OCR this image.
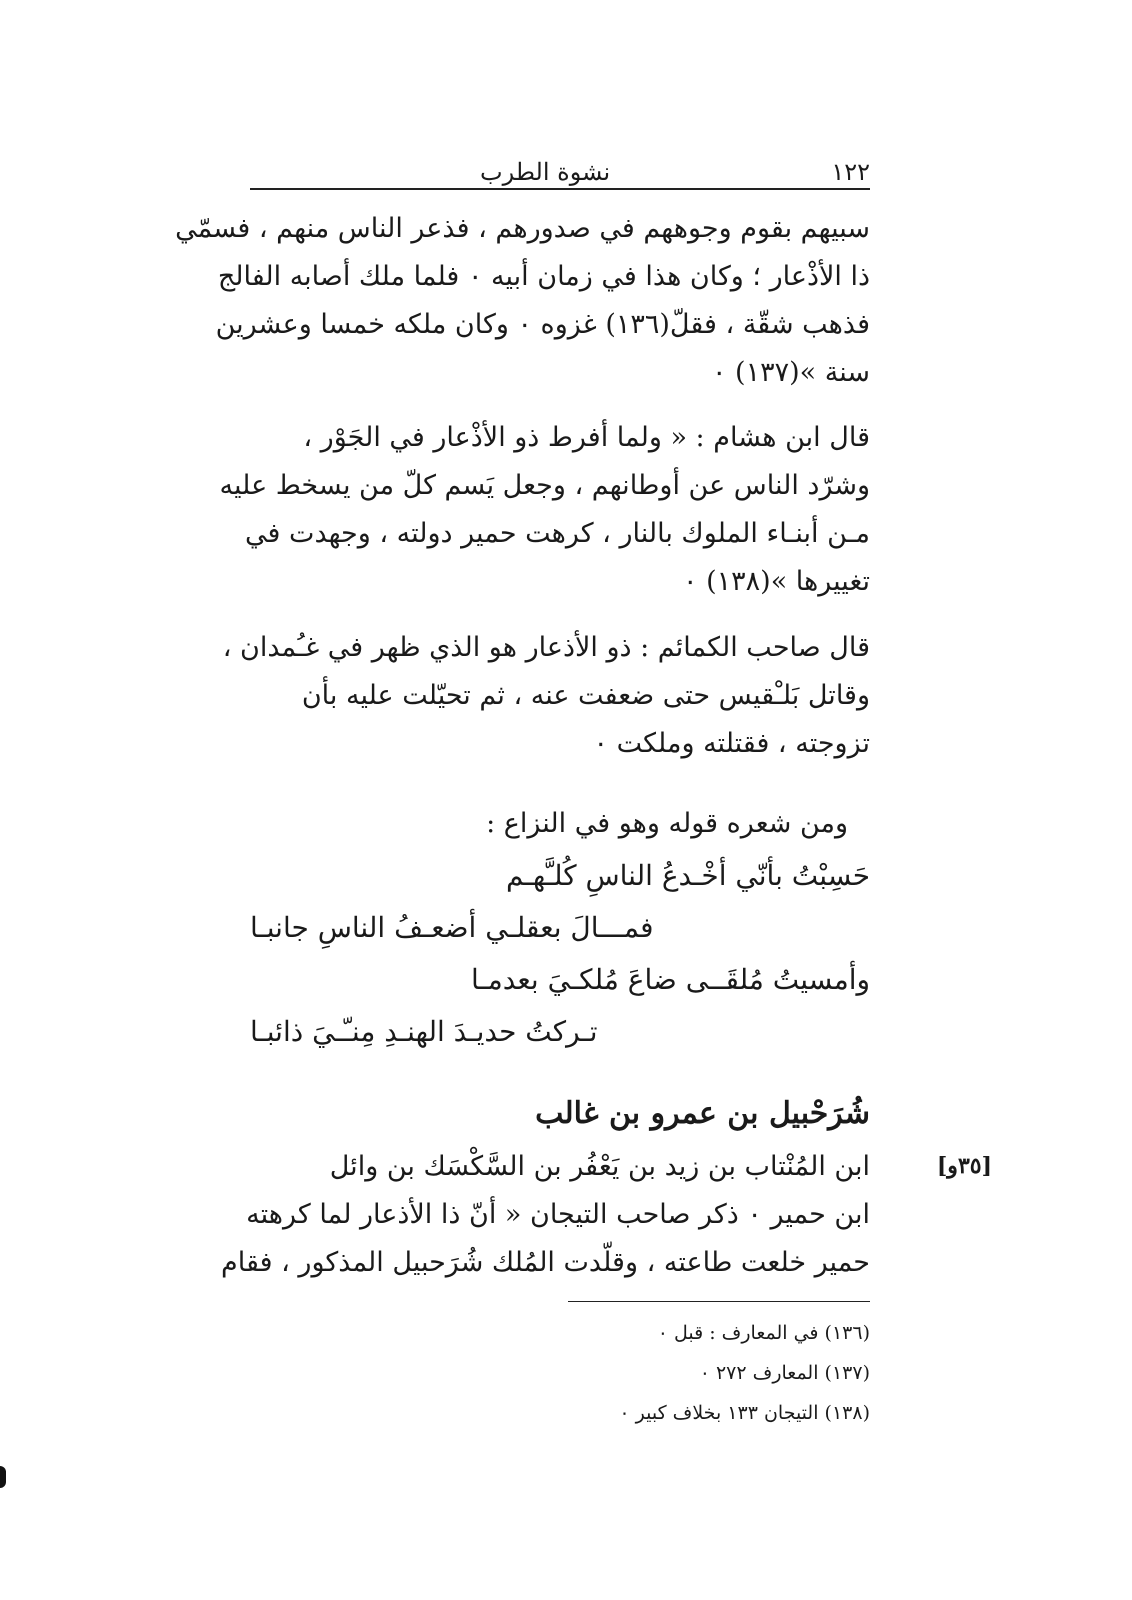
١٢٢
نشوة الطرب
سبيهم بقوم وجوههم في صدورهم ، فذعر الناس منهم ، فسمّي
ذا الأذْعار ؛ وكان هذا في زمان أبيه ٠ فلما ملك أصابه الفالج
فذهب شقّة ، فقلّ(١٣٦) غزوه ٠ وكان ملكه خمسا وعشرين
سنة »(١٣٧) ٠
قال ابن هشام : « ولما أفرط ذو الأذْعار في الجَوْر ،
وشرّد الناس عن أوطانهم ، وجعل يَسم كلّ من يسخط عليه
مـن أبنـاء الملوك بالنار ، كرهت حمير دولته ، وجهدت في
تغييرها »(١٣٨) ٠
قال صاحب الكمائم : ذو الأذعار هو الذي ظهر في غـُمدان ،
وقاتل بَلـْقيس حتى ضعفت عنه ، ثم تحيّلت عليه بأن
تزوجته ، فقتلته وملكت ٠
ومن شعره قوله وهو في النزاع :
حَسِبْتُ بأنّي أخْـدعُ الناسِ كُلـَّهـم
فمـــالَ بعقلـي أضعـفُ الناسِ جانبـا
وأمسيتُ مُلقَــى ضاعَ مُلكـيَ بعدمـا
تـركتُ حديـدَ الهنـدِ مِنـّـيَ ذائبـا
شُرَحْبيل بن عمرو بن غالب
[٣٥و]
ابن المُنْتاب بن زيد بن يَعْفُر بن السَّكْسَك بن وائل
ابن حمير ٠ ذكر صاحب التيجان « أنّ ذا الأذعار لما كرهته
حمير خلعت طاعته ، وقلّدت المُلك شُرَحبيل المذكور ، فقام
(١٣٦) في المعارف : قبل ٠
(١٣٧) المعارف ٢٧٢ ٠
(١٣٨) التيجان ١٣٣ بخلاف كبير ٠
